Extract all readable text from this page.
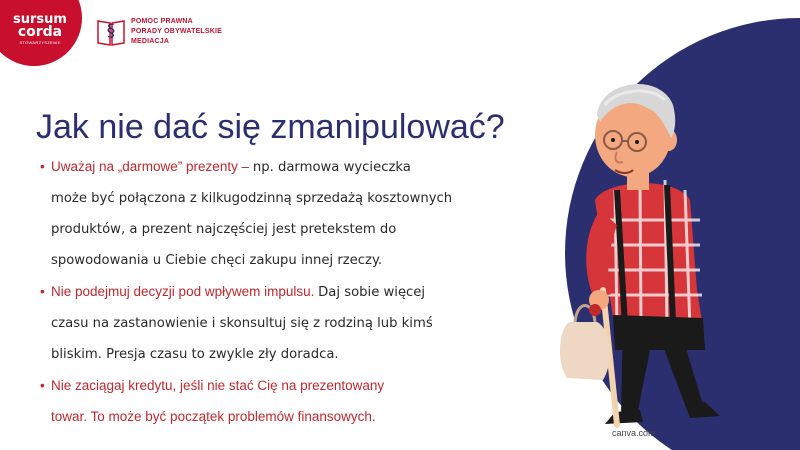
sursum
corda
STOWARZYSZENIE
§ POMOC PRAWNA
PORADY OBYWATELSKIE
MEDIACJA
Jak nie dać się zmanipulować?
• Uważaj na „darmowe” prezenty – np. darmowa wycieczka
może być połączona z kilkugodzinną sprzedażą kosztownych
produktów, a prezent najczęściej jest pretekstem do
spowodowania u Ciebie chęci zakupu innej rzeczy.
• Nie podejmuj decyzji pod wpływem impulsu. Daj sobie więcej
czasu na zastanowienie i skonsultuj się z rodziną lub kimś
bliskim. Presja czasu to zwykle zły doradca.
• Nie zaciągaj kredytu, jeśli nie stać Cię na prezentowany
towar. To może być początek problemów finansowych.
canva.com
